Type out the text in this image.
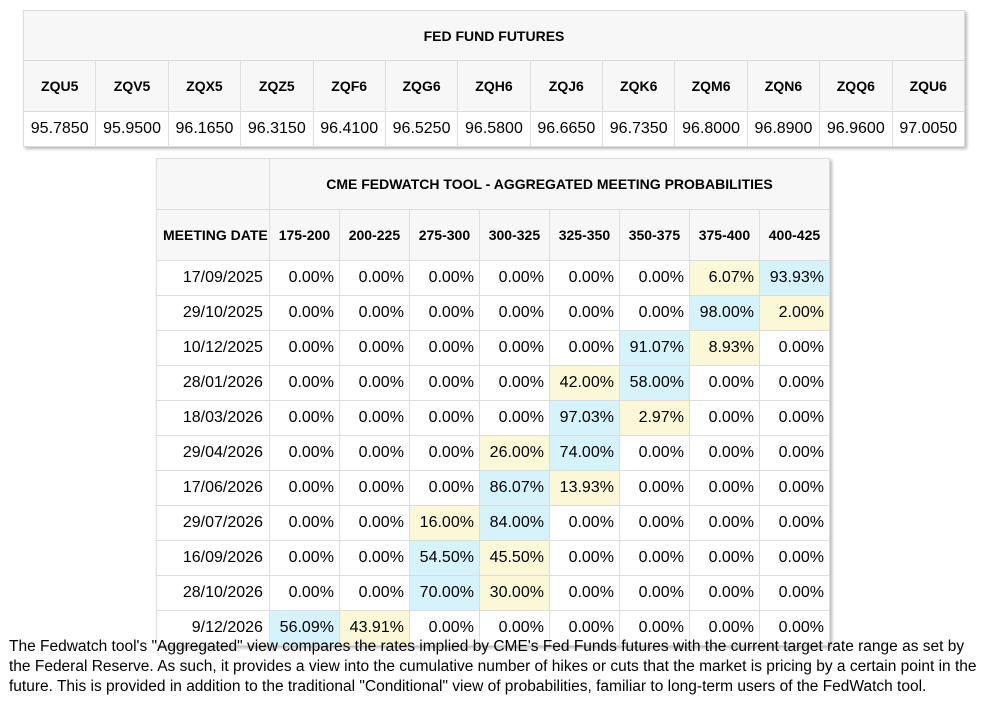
FED FUND FUTURES												
ZQU5	ZQV5	ZQX5	ZQZ5	ZQF6	ZQG6	ZQH6	ZQJ6	ZQK6	ZQM6	ZQN6	ZQQ6	ZQU6
95.7850	95.9500	96.1650	96.3150	96.4100	96.5250	96.5800	96.6650	96.7350	96.8000	96.8900	96.9600	97.0050
	CME FEDWATCH TOOL - AGGREGATED MEETING PROBABILITIES							
MEETING DATE	175-200	200-225	275-300	300-325	325-350	350-375	375-400	400-425
17/09/2025	0.00%	0.00%	0.00%	0.00%	0.00%	0.00%	6.07%	93.93%
29/10/2025	0.00%	0.00%	0.00%	0.00%	0.00%	0.00%	98.00%	2.00%
10/12/2025	0.00%	0.00%	0.00%	0.00%	0.00%	91.07%	8.93%	0.00%
28/01/2026	0.00%	0.00%	0.00%	0.00%	42.00%	58.00%	0.00%	0.00%
18/03/2026	0.00%	0.00%	0.00%	0.00%	97.03%	2.97%	0.00%	0.00%
29/04/2026	0.00%	0.00%	0.00%	26.00%	74.00%	0.00%	0.00%	0.00%
17/06/2026	0.00%	0.00%	0.00%	86.07%	13.93%	0.00%	0.00%	0.00%
29/07/2026	0.00%	0.00%	16.00%	84.00%	0.00%	0.00%	0.00%	0.00%
16/09/2026	0.00%	0.00%	54.50%	45.50%	0.00%	0.00%	0.00%	0.00%
28/10/2026	0.00%	0.00%	70.00%	30.00%	0.00%	0.00%	0.00%	0.00%
9/12/2026	56.09%	43.91%	0.00%	0.00%	0.00%	0.00%	0.00%	0.00%

The Fedwatch tool's "Aggregated" view compares the rates implied by CME's Fed Funds futures with the current target rate range as set by the Federal Reserve. As such, it provides a view into the cumulative number of hikes or cuts that the market is pricing by a certain point in the future. This is provided in addition to the traditional "Conditional" view of probabilities, familiar to long-term users of the FedWatch tool.
